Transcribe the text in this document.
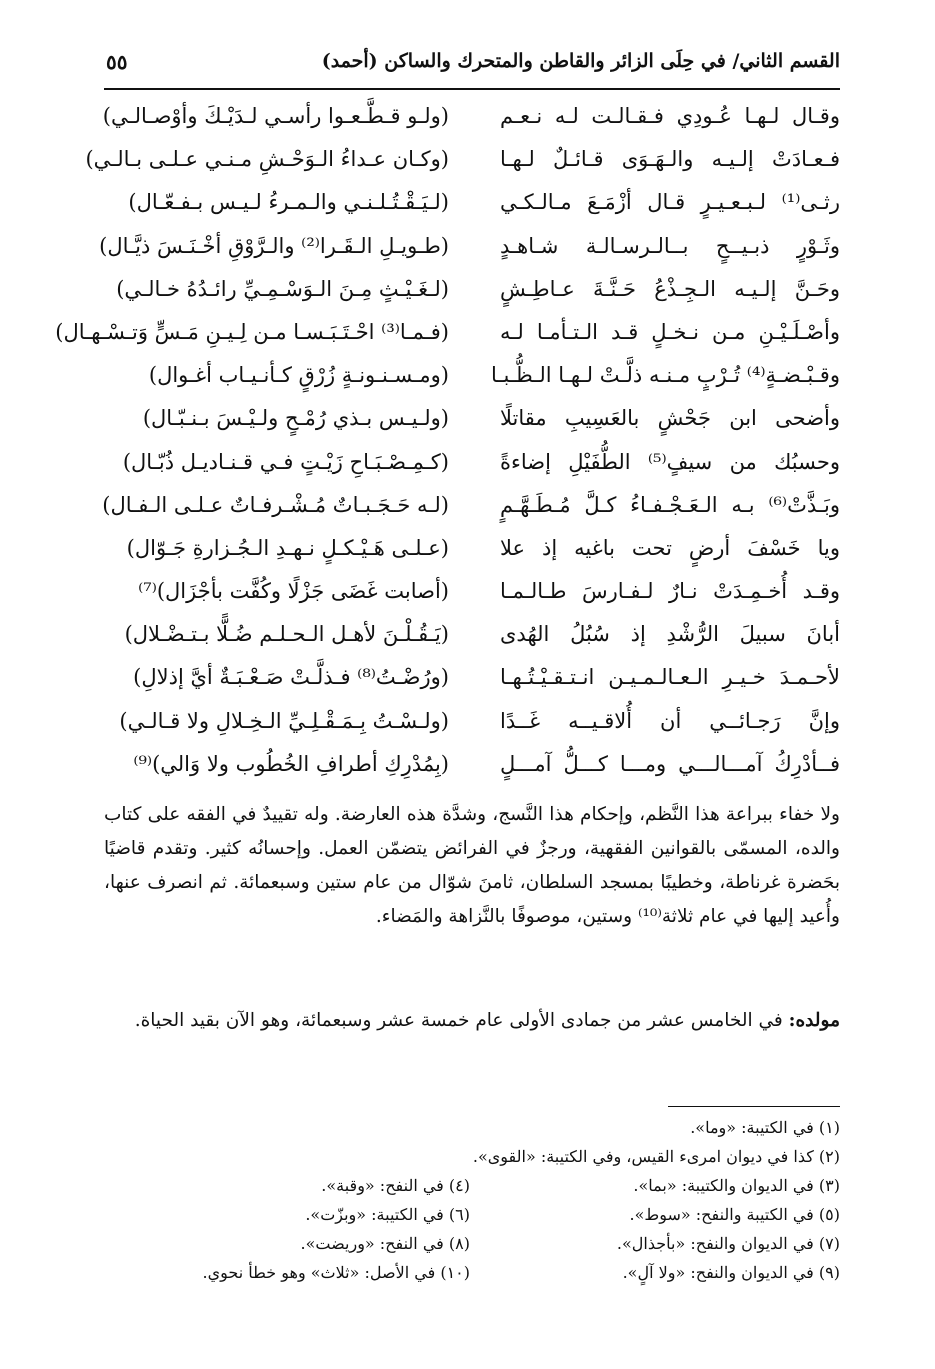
القسم الثاني/ في حِلَى الزائر والقاطن والمتحرك والساكن (أحمد)
٥٥
وقـال لـهـا عُـودِي فـقـالـت لـه نـعـم
(ولـو قـطَّـعـوا رأسـي لـدَيْـكَ وأوْصـالـي)
فـعـادَتْ إلـيـه والـهَـوَى قـائـلٌ لـهـا
(وكـان عـداءُ الـوَحْـشِ مـنـي عـلـى بـالـي)
رثـى⁽¹⁾ لـبـعـيـرٍ قـال أزْمَـعَ مـالـكـي
(لـيَـقْـتُـلـنـي والـمـرءُ لـيـس بـفـعّـال)
وثَـوْرٍ ذبـيــحٍ بــالـرسـالـة شـاهـدٍ
(طـويـلِ الـقَـرا⁽²⁾ والـرَّوْقِ أخْـنَـسَ ذيَّـال)
وحَـنَّ إلـيـه الـجِـذْعُ حَـنَّـةَ عـاطِـشٍ
(لـغَـيْـثٍ مِـنَ الـوَسْـمِـيِّ رائـدُهُ خـالـي)
وأصْـلَـيْـنِ مـن نـخـلٍ قـد الـتـأمـا لـه
(فـمـا⁽³⁾ احْـتَـبَـسـا مـن لِـيـنِ مَـسٍّ وَتـسْـهـال)
وقـبْـضـةٍ⁽⁴⁾ تُـرْبٍ مـنـه ذلَّـتْ لـهـا الـظُّـبـا
(ومـسـنـونـةٍ زُرْقٍ كـأنـيـاب أغـوال)
وأضحى ابن جَحْشٍ بالعَسِيبِ مقاتلًا
(ولـيـس بـذي رُمْـحٍ ولـيْـسَ بـنـبّـال)
وحسبُك من سيفٍ⁽⁵⁾ الطُّفَيْلِ إضاءةً
(كـمِـصْـبَـاحِ زَيْـتٍ فـي قـنـاديـل ذُبّـال)
وبَـذَّتْ⁽⁶⁾ بـه الـعَـجْـفـاءُ كـلَّ مُـطَـهَّـمٍ
(لـه حَـجَـبـاتٌ مُـشْـرفـاتٌ عـلـى الـفـال)
ويا خَسْفَ أرضٍ تحت باغيه إذ علا
(عـلـى هَـيْـكـلٍ نـهـدِ الـجُـزارةِ جَـوّال)
وقـد أُخـمِـدَتْ نـارٌ لـفـارسَ طـالـمـا
(أصابت غَضَى جَزْلًا وكُفَّت بأجْزَال)⁽⁷⁾
أبانَ سبيلَ الرُّشْدِ إذ سُبُلُ الهُدى
(يَـقُـلْـنَ لأهـل الـحـلـم ضُـلًّا بـتـضْـلال)
لأحـمـدَ خـيـرِ الـعـالـمـيـن انـتـقـيْـتُـهـا
(ورُضْـتُ⁽⁸⁾ فـذلَّـتْ صَـعْـبَـةٌ أيَّ إذلالِ)
وإنَّ رَجـائــي أن أُلاقـيــه غَــدًا
(ولـسْـتُ بِـمَـقْـلِـيِّ الـخِـلالِ ولا قـالـي)
فــأدْرِكُ آمـــالـــي ومـــا كـــلُّ آمـــلٍ
(بِمُدْرِكِ أطرافِ الخُطُوب ولا وَالي)⁽⁹⁾

ولا خفاء ببراعة هذا النَّظم، وإحكام هذا النَّسج، وشدَّة هذه العارضة. وله تقييدٌ في الفقه على كتاب والده، المسمّى بالقوانين الفقهية، ورجزٌ في الفرائض يتضمّن العمل. وإحسانُه كثير. وتقدم قاضيًا بحَضرة غرناطة، وخطيبًا بمسجد السلطان، ثامنَ شوّال من عام ستين وسبعمائة. ثم انصرف عنها، وأُعيد إليها في عام ثلاثة⁽¹⁰⁾ وستين، موصوفًا بالنَّزاهة والمَضاء.

مولده: في الخامس عشر من جمادى الأولى عام خمسة عشر وسبعمائة، وهو الآن بقيد الحياة.

(١) في الكتيبة: «وما».
(٢) كذا في ديوان امرىء القيس، وفي الكتيبة: «القوى».
(٣) في الديوان والكتيبة: «بما».
(٤) في النفح: «وقبة».
(٥) في الكتيبة والنفح: «سوط».
(٦) في الكتيبة: «وبزّت».
(٧) في الديوان والنفح: «بأجذال».
(٨) في النفح: «وريضت».
(٩) في الديوان والنفح: «ولا آلٍ».
(١٠) في الأصل: «ثلاث» وهو خطأ نحوي.
